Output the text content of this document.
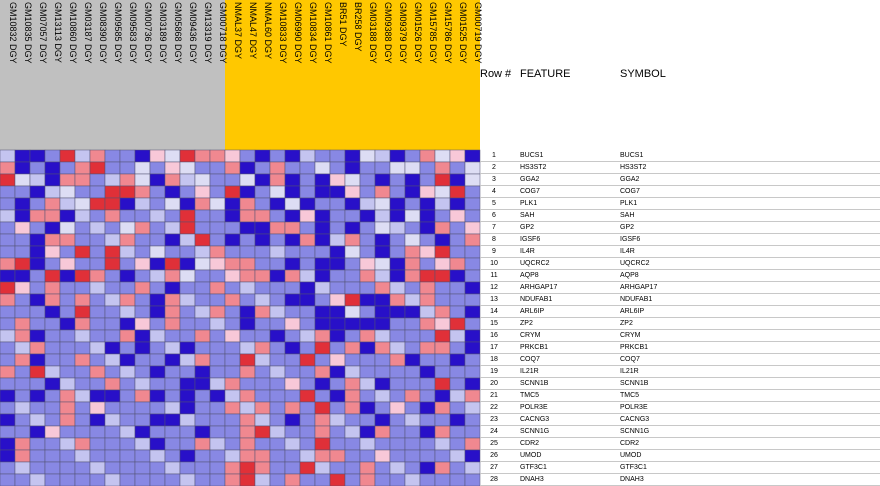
GM10832 DGY GM10835 DGY GM07057 DGY GM13113 DGY GM10860 DGY GM03187 DGY GM08390 DGY GM09585 DGY GM09583 DGY GM00736 DGY GM03189 DGY GM05868 DGY GM09436 DGY GM13319 DGY GM00718 DGY NMAL37 DGY NMAL47 DGY NMAL60 DGY GM10833 DGY GM06990 DGY GM10834 DGY GM10861 DGY BR51 DGY BR258 DGY GM03188 DGY GM09388 DGY GM09379 DGY GM01526 DGY GM15785 DGY GM15786 DGY GM01525 DGY GM00719 DGY
Row # FEATURE	SYMBOL
1	BUCS1	BUCS1
2	HS3ST2	HS3ST2
3	GGA2	GGA2
4	COG7	COG7
5	PLK1	PLK1
6	SAH	SAH
7	GP2	GP2
8	IGSF6	IGSF6
9	IL4R	IL4R
10	UQCRC2	UQCRC2
11	AQP8	AQP8
12	ARHGAP17	ARHGAP17
13	NDUFAB1	NDUFAB1
14	ARL6IP	ARL6IP
15	ZP2	ZP2
16	CRYM	CRYM
17	PRKCB1	PRKCB1
18	COQ7	COQ7
19	IL21R	IL21R
20	SCNN1B	SCNN1B
21	TMC5	TMC5
22	POLR3E	POLR3E
23	CACNG3	CACNG3
24	SCNN1G	SCNN1G
25	CDR2	CDR2
26	UMOD	UMOD
27	GTF3C1	GTF3C1
28	DNAH3	DNAH3
